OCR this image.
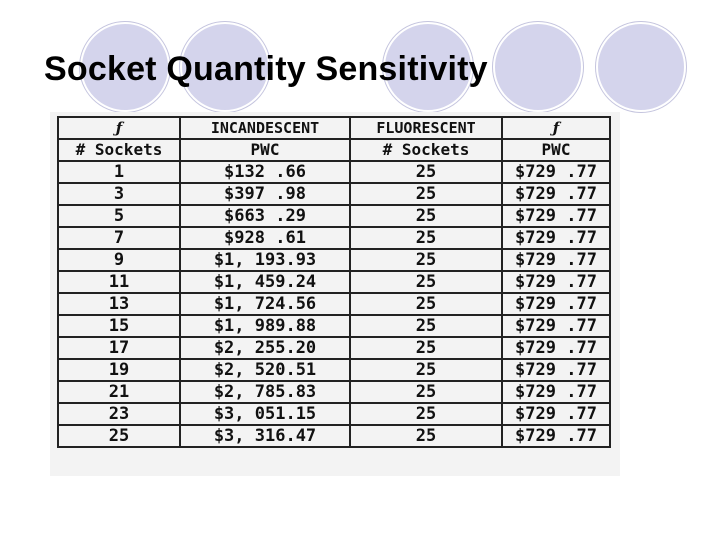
Socket Quantity Sensitivity
ƒ	INCANDESCENT	FLUORESCENT	ƒ
# Sockets	PWC	# Sockets	PWC
1	$132 .66	25	$729 .77
3	$397 .98	25	$729 .77
5	$663 .29	25	$729 .77
7	$928 .61	25	$729 .77
9	$1, 193.93	25	$729 .77
11	$1, 459.24	25	$729 .77
13	$1, 724.56	25	$729 .77
15	$1, 989.88	25	$729 .77
17	$2, 255.20	25	$729 .77
19	$2, 520.51	25	$729 .77
21	$2, 785.83	25	$729 .77
23	$3, 051.15	25	$729 .77
25	$3, 316.47	25	$729 .77
